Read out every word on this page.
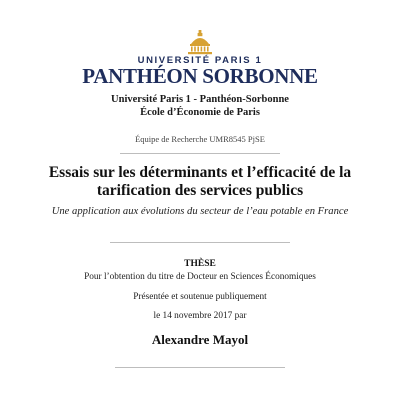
UNIVERSITÉ PARIS 1
PANTHÉON SORBONNE
Université Paris 1 - Panthéon-Sorbonne
École d’Économie de Paris
Équipe de Recherche UMR8545 PjSE
Essais sur les déterminants et l’efficacité de la
tarification des services publics
Une application aux évolutions du secteur de l’eau potable en France
THÈSE
Pour l’obtention du titre de Docteur en Sciences Économiques
Présentée et soutenue publiquement
le 14 novembre 2017 par
Alexandre Mayol
